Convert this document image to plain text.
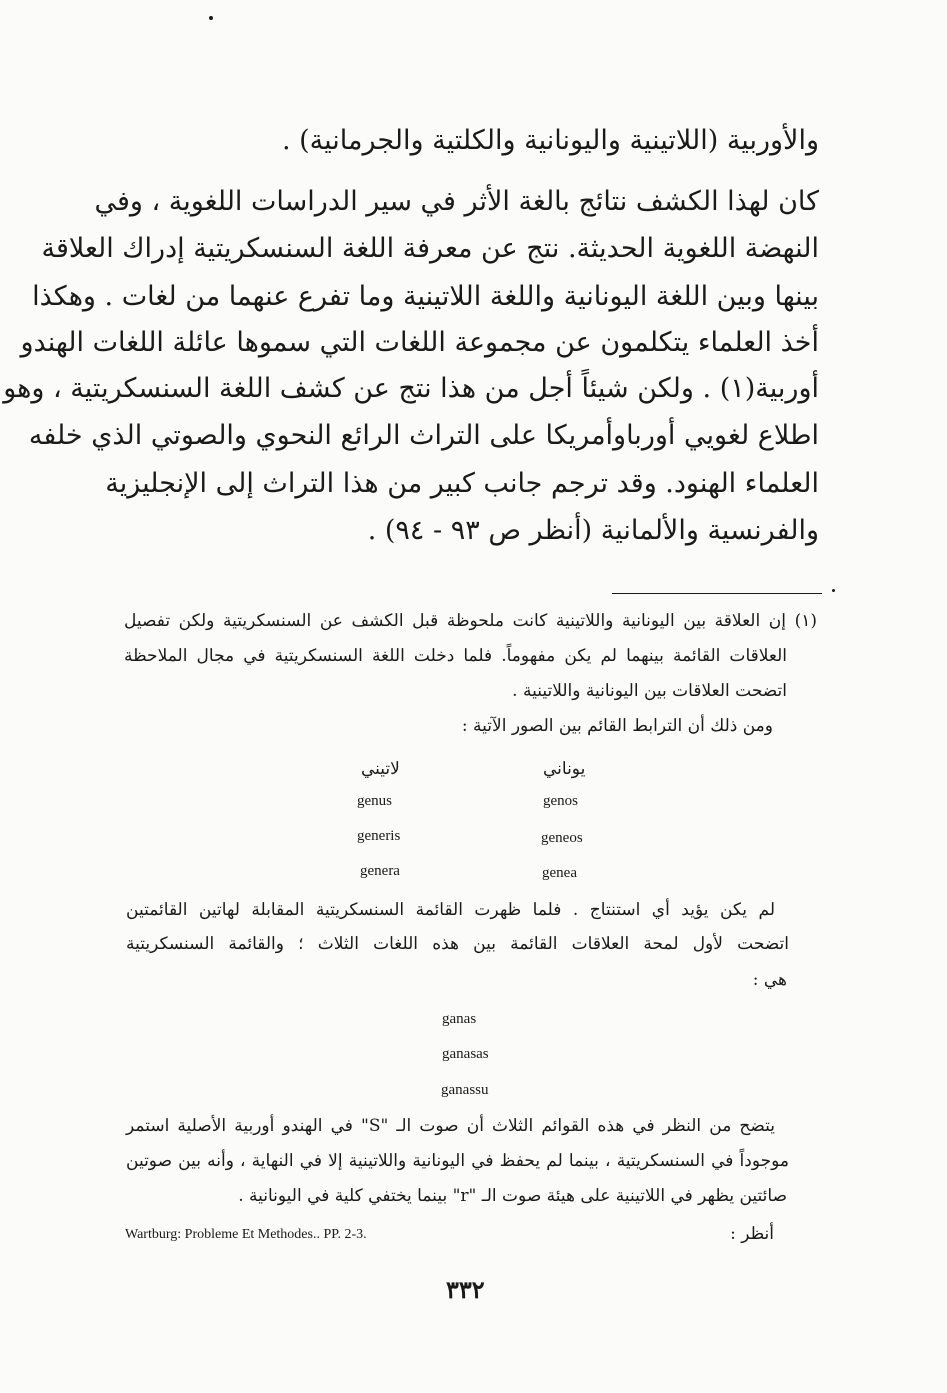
والأوربية (اللاتينية واليونانية والكلتية والجرمانية) .
كان لهذا الكشف نتائج بالغة الأثر في سير الدراسات اللغوية ، وفي
النهضة اللغوية الحديثة. نتج عن معرفة اللغة السنسكريتية إدراك العلاقة
بينها وبين اللغة اليونانية واللغة اللاتينية وما تفرع عنهما من لغات . وهكذا
أخذ العلماء يتكلمون عن مجموعة اللغات التي سموها عائلة اللغات الهندو
أوربية(١) . ولكن شيئاً أجل من هذا نتج عن كشف اللغة السنسكريتية ، وهو
اطلاع لغويي أورباوأمريكا على التراث الرائع النحوي والصوتي الذي خلفه
العلماء الهنود. وقد ترجم جانب كبير من هذا التراث إلى الإنجليزية
والفرنسية والألمانية (أنظر ص ٩٣ - ٩٤) .
(١) إن العلاقة بين اليونانية واللاتينية كانت ملحوظة قبل الكشف عن السنسكريتية ولكن تفصيل
العلاقات القائمة بينهما لم يكن مفهوماً. فلما دخلت اللغة السنسكريتية في مجال الملاحظة
اتضحت العلاقات بين اليونانية واللاتينية .
ومن ذلك أن الترابط القائم بين الصور الآتية :
يوناني
لاتيني
genos
geneos
genea
genus
generis
genera
لم يكن يؤيد أي استنتاج . فلما ظهرت القائمة السنسكريتية المقابلة لهاتين القائمتين
اتضحت لأول لمحة العلاقات القائمة بين هذه اللغات الثلاث ؛ والقائمة السنسكريتية
هي :
ganas
ganasas
ganassu
يتضح من النظر في هذه القوائم الثلاث أن صوت الـ "S" في الهندو أوربية الأصلية استمر
موجوداً في السنسكريتية ، بينما لم يحفظ في اليونانية واللاتينية إلا في النهاية ، وأنه بين صوتين
صائتين يظهر في اللاتينية على هيئة صوت الـ "r" بينما يختفي كلية في اليونانية .
أنظر :
Wartburg: Probleme Et Methodes.. PP. 2-3.
٣٣٢
